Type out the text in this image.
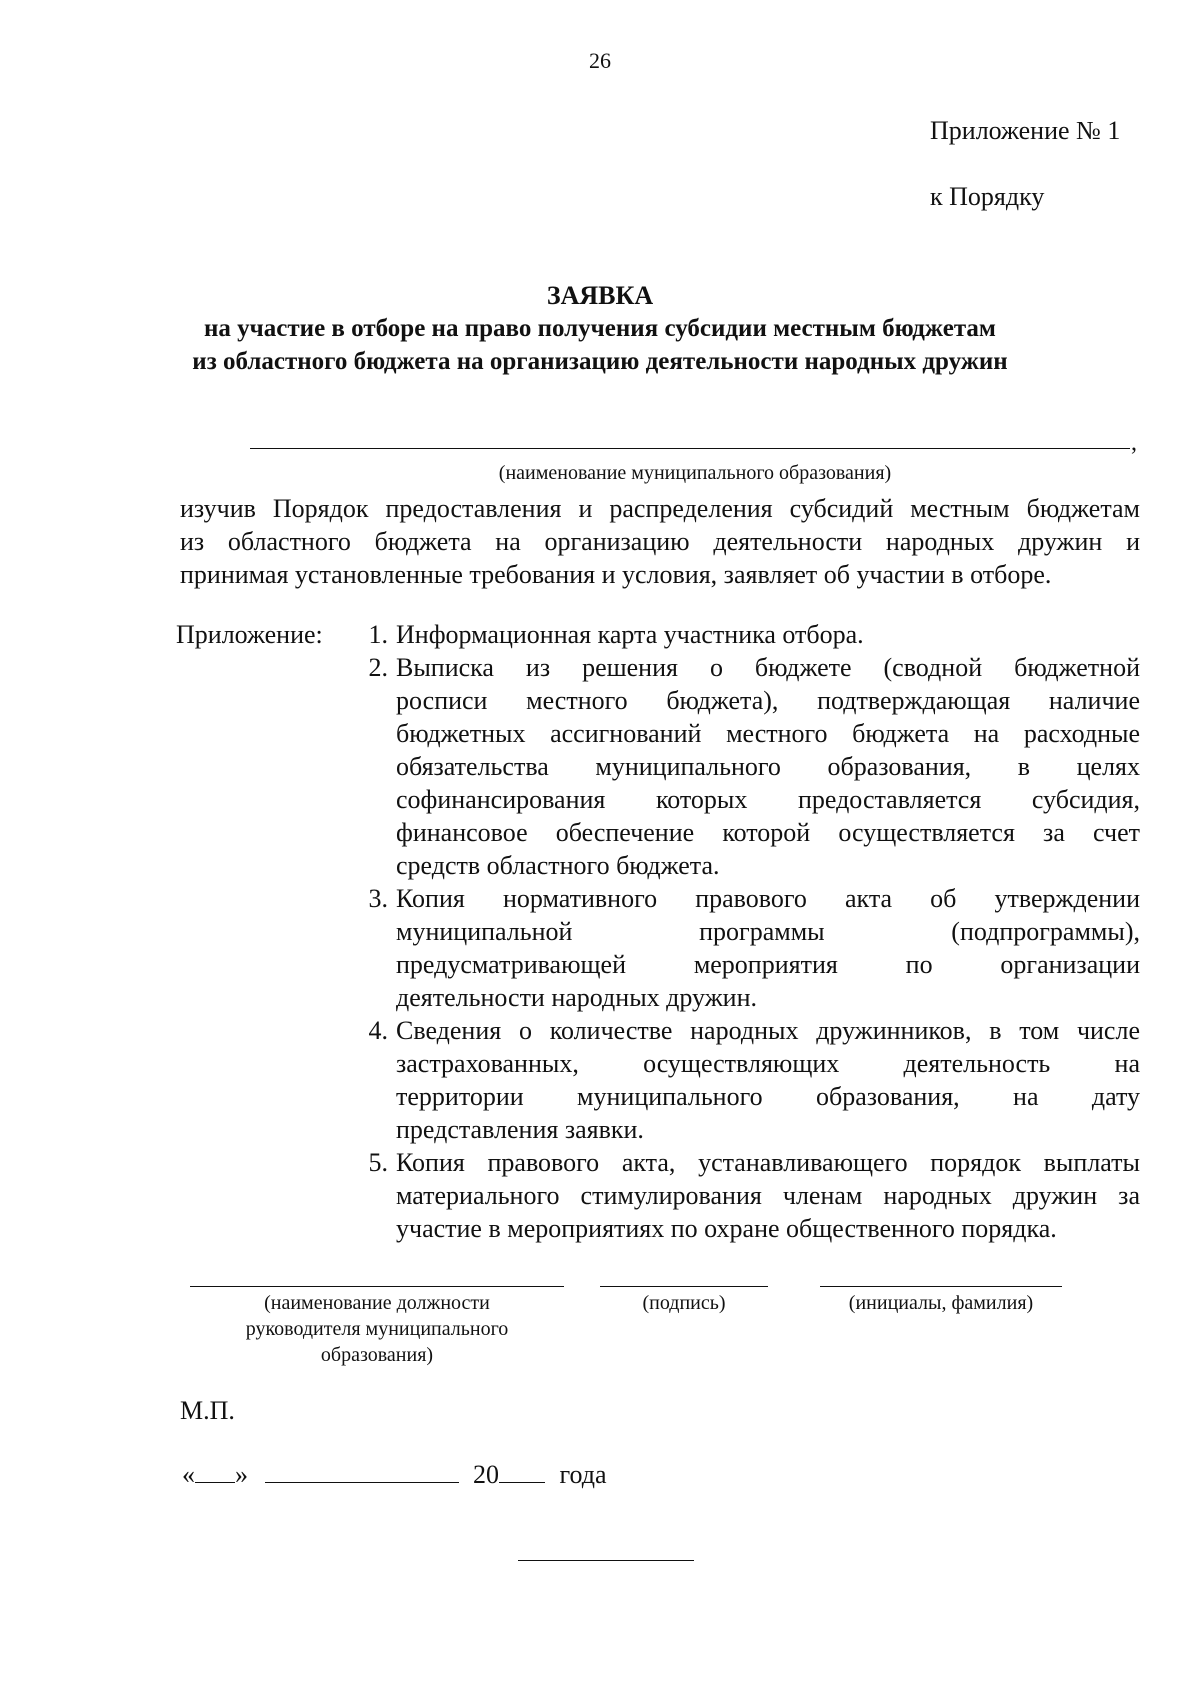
26
Приложение № 1
к Порядку
ЗАЯВКА
на участие в отборе на право получения субсидии местным бюджетам
из областного бюджета на организацию деятельности народных дружин
,
(наименование муниципального образования)
изучив Порядок предоставления и распределения субсидий местным бюджетам
из областного бюджета на организацию деятельности народных дружин и
принимая установленные требования и условия, заявляет об участии в отборе.
Приложение:	1. Информационная карта участника отбора.
2. Выписка из решения о бюджете (сводной бюджетной
росписи местного бюджета), подтверждающая наличие
бюджетных ассигнований местного бюджета на расходные
обязательства муниципального образования, в целях
софинансирования которых предоставляется субсидия,
финансовое обеспечение которой осуществляется за счет
средств областного бюджета.
3. Копия нормативного правового акта об утверждении
муниципальной программы (подпрограммы),
предусматривающей мероприятия по организации
деятельности народных дружин.
4. Сведения о количестве народных дружинников, в том числе
застрахованных, осуществляющих деятельность на
территории муниципального образования, на дату
представления заявки.
5. Копия правового акта, устанавливающего порядок выплаты
материального стимулирования членам народных дружин за
участие в мероприятиях по охране общественного порядка.
(наименование должности
руководителя муниципального
образования)
(подпись)	(инициалы, фамилия)
М.П.
« »	20 года
